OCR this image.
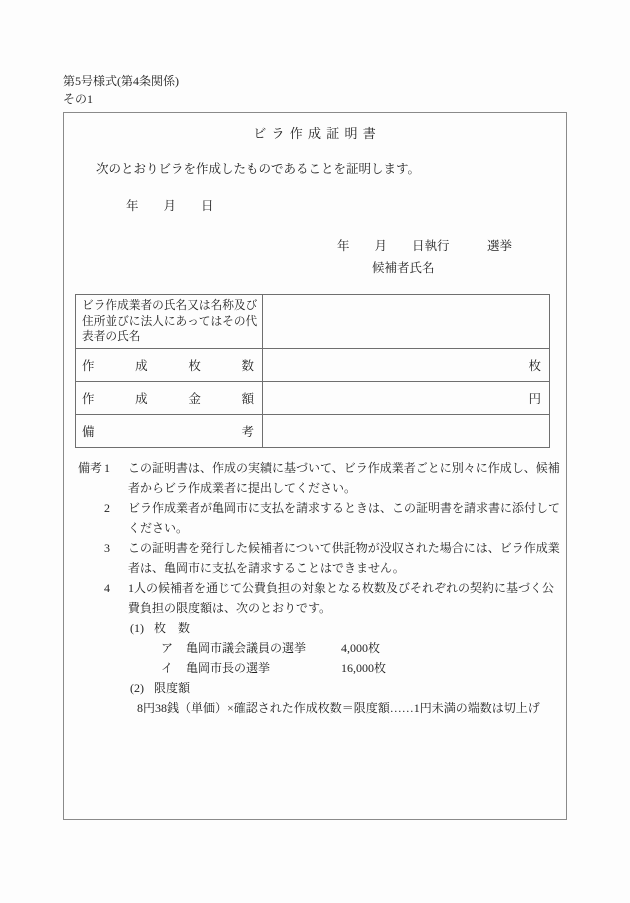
第5号様式(第4条関係)
その1
ビ ラ 作 成 証 明 書
次のとおりビラを作成したものであることを証明します。
年　　月　　日
年　　月　　日執行　　　選挙
候補者氏名
ビラ作成業者の氏名又は名称及び住所並びに法人にあってはその代表者の氏名	

作 成 枚 数	枚

作 成 金 額	円

備 考	

備考 1 この証明書は、作成の実績に基づいて、ビラ作成業者ごとに別々に作成し、候補者からビラ作成業者に提出してください。
2 ビラ作成業者が亀岡市に支払を請求するときは、この証明書を請求書に添付してください。
3 この証明書を発行した候補者について供託物が没収された場合には、ビラ作成業者は、亀岡市に支払を請求することはできません。
4 1人の候補者を通じて公費負担の対象となる枚数及びそれぞれの契約に基づく公費負担の限度額は、次のとおりです。
(1) 枚　数
ア	亀岡市議会議員の選挙	4,000枚
イ	亀岡市長の選挙	16,000枚
(2) 限度額
8円38銭（単価）×確認された作成枚数＝限度額……1円未満の端数は切上げ
